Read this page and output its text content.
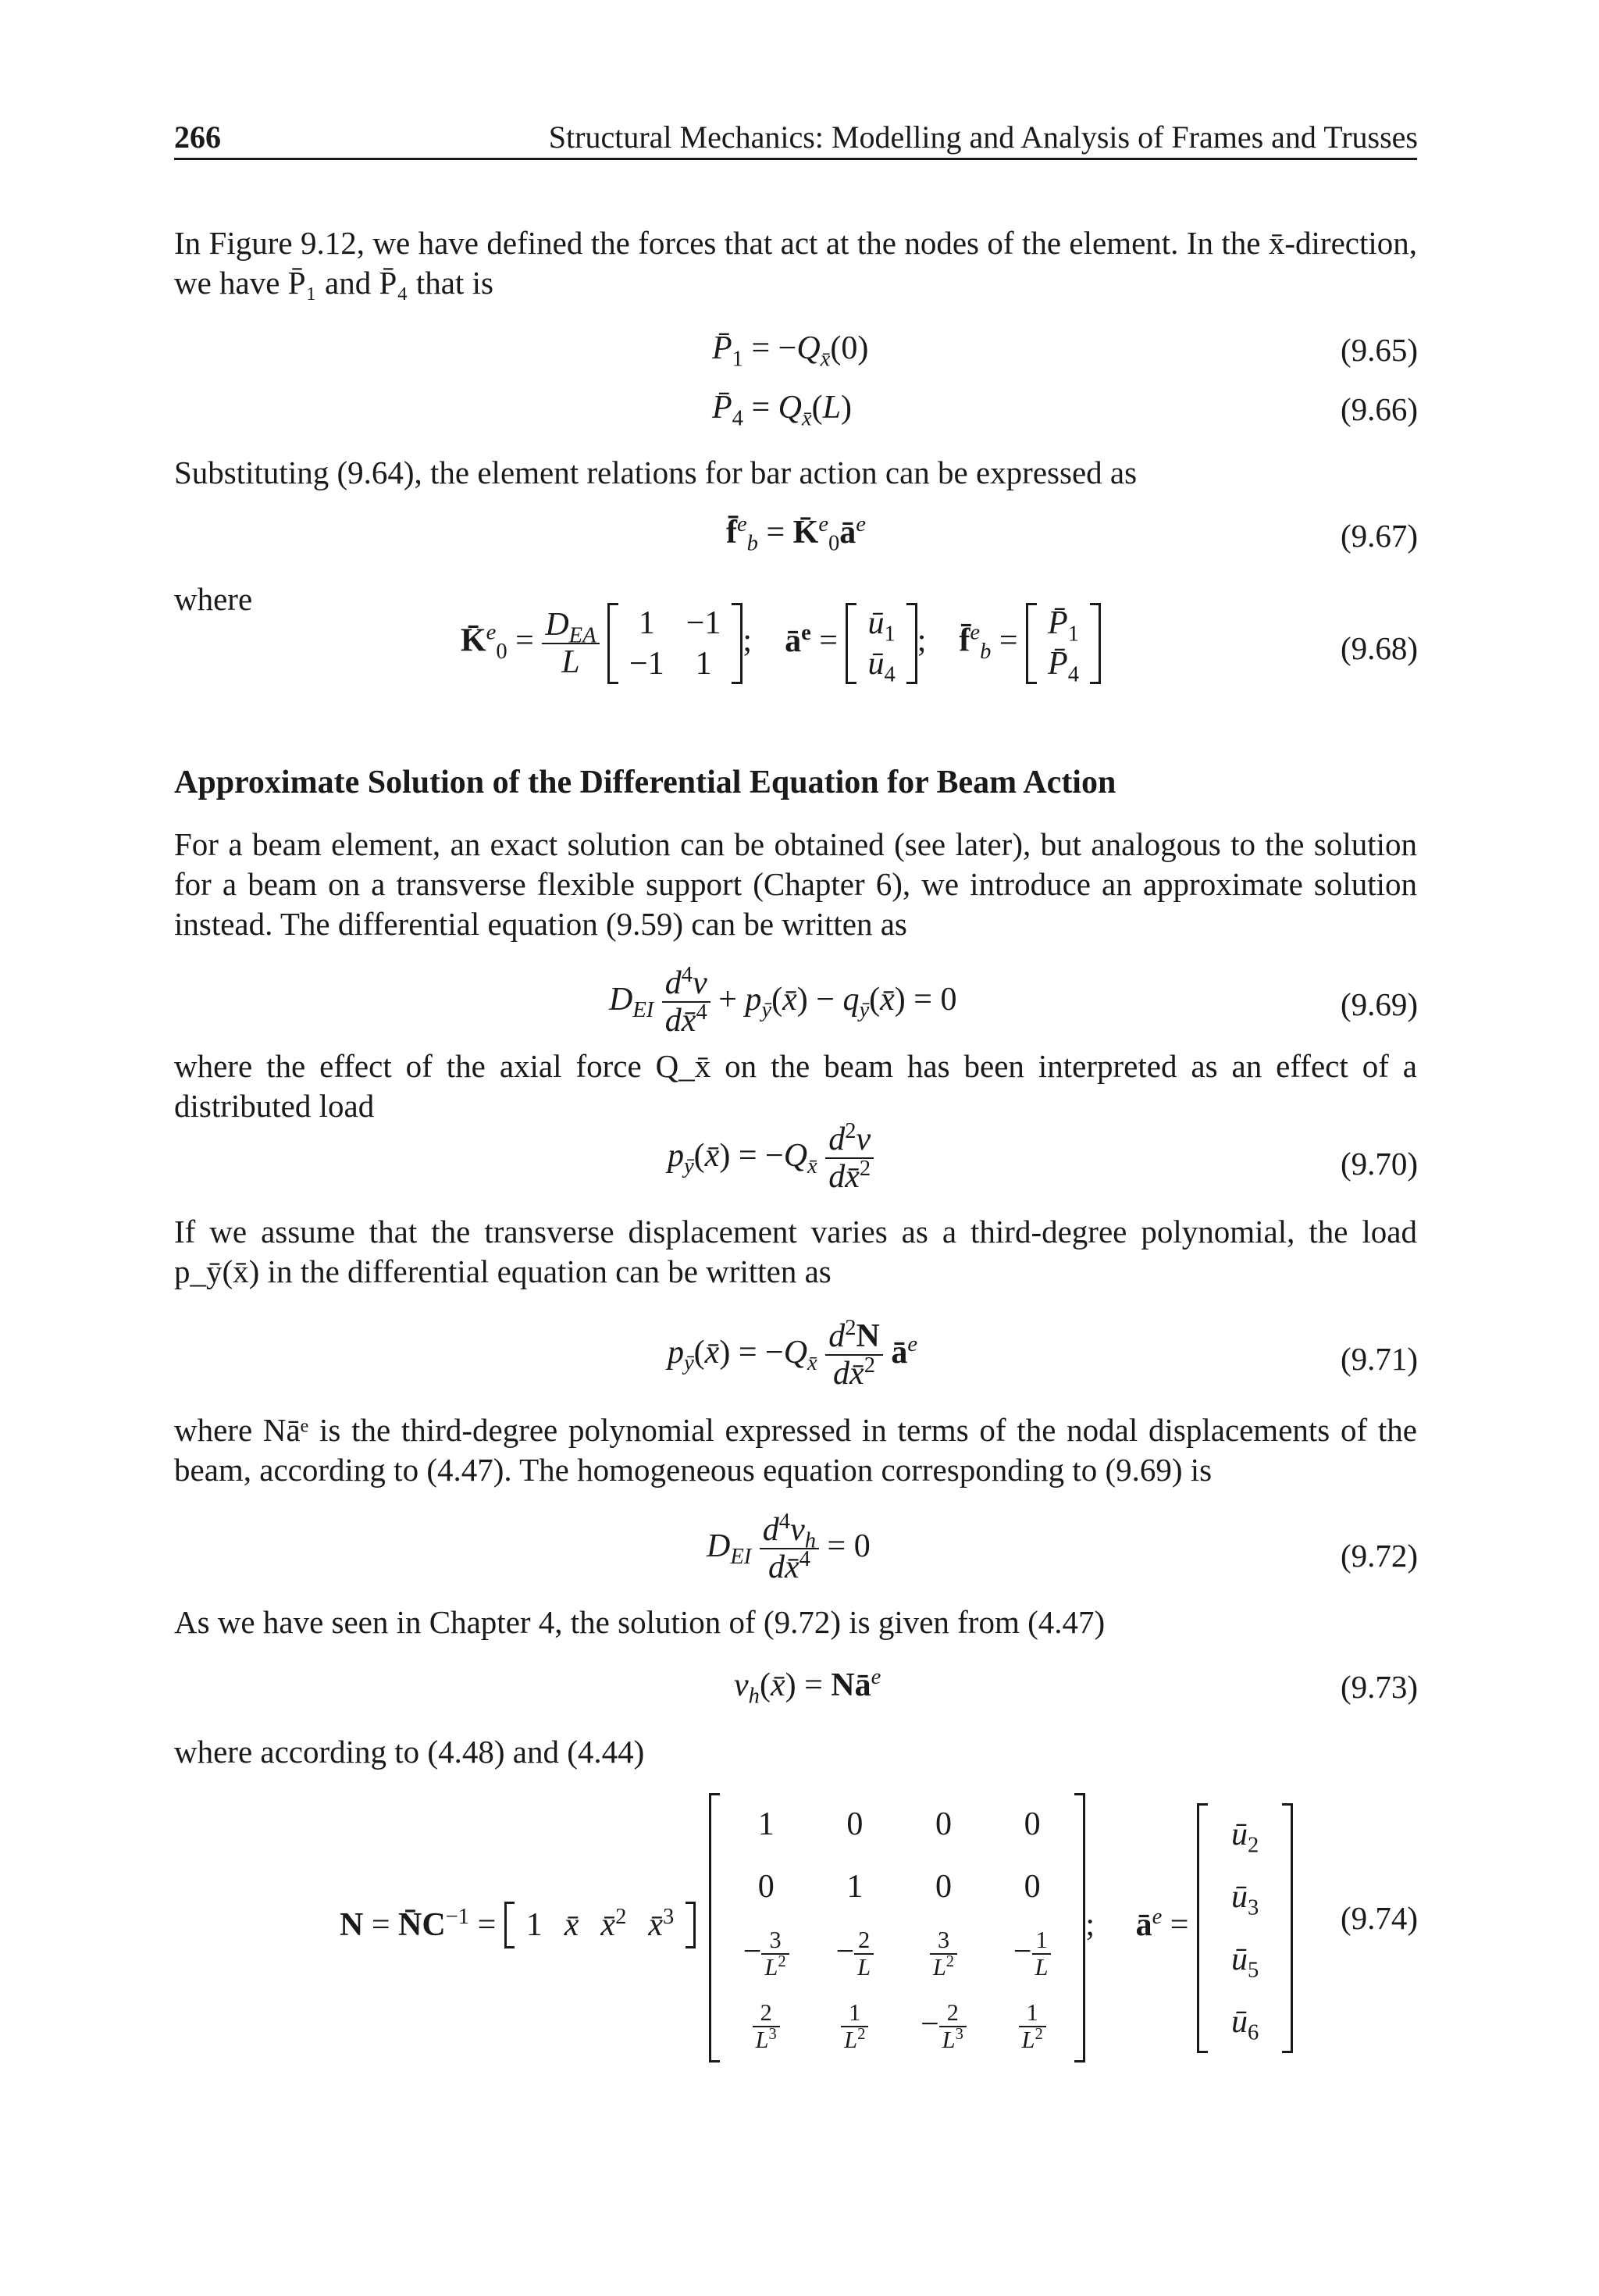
266	Structural Mechanics: Modelling and Analysis of Frames and Trusses
In Figure 9.12, we have defined the forces that act at the nodes of the element. In the x̄-direction, we have P̄₁ and P̄₄ that is
$P̄_1 = -Q_{x̄}(0)$	(9.65)
$P̄_4 = Q_{x̄}(L)$	(9.66)
Substituting (9.64), the element relations for bar action can be expressed as
f̄$^e_b$ = $K̄^e_0ā^e$	(9.67)
where
K̄$^e_0$ = $\frac{D_{EA}}{L}$
1	−1
−1	1
;    $ā^e$ = $ū_1$
$ū_4$
;    f̄$^e_b$ = $P̄_1$
$P̄_4$
(9.68)
Approximate Solution of the Differential Equation for Beam Action
For a beam element, an exact solution can be obtained (see later), but analogous to the solution for a beam on a transverse flexible support (Chapter 6), we introduce an approximate solution instead. The differential equation (9.59) can be written as
$D_{EI} \frac{d^4v}{dx̄^4}$ + $p_ȳ(x̄)$ − $q_ȳ(x̄) = 0$	(9.69)
where the effect of the axial force Q_x̄ on the beam has been interpreted as an effect of a distributed load
$p_ȳ(x̄) = -Q_{x̄} \frac{d^2v}{dx̄^2}$	(9.70)
If we assume that the transverse displacement varies as a third-degree polynomial, the load p_ȳ(x̄) in the differential equation can be written as
$p_ȳ(x̄) = -Q_{x̄} \frac{d^2N}{dx̄^2}$ $ā^e$	(9.71)
where Nāᵉ is the third-degree polynomial expressed in terms of the nodal displacements of the beam, according to (4.47). The homogeneous equation corresponding to (9.69) is
$D_{EI} \frac{d^4v_h}{dx̄^4} = 0$	(9.72)
As we have seen in Chapter 4, the solution of (9.72) is given from (4.47)
$v_h(x̄)$ = $Nā^e$	(9.73)
where according to (4.48) and (4.44)
$N = N̄C^{-1} = 1$ x̄ x̄$^2$ x̄$^3$
1	0	0	0
0	1	0	0
− $\frac{3}{L^2}$	− $\frac{2}{L}$	$\frac{3}{L^2}$	− $\frac{1}{L}$

$\frac{2}{L^3}$	$\frac{1}{L^2}$	− $\frac{2}{L^3}$	$\frac{1}{L^2}$
;     $ā^e$ =
$ū_2$
$ū_3$
$ū_5$
$ū_6$
(9.74)
